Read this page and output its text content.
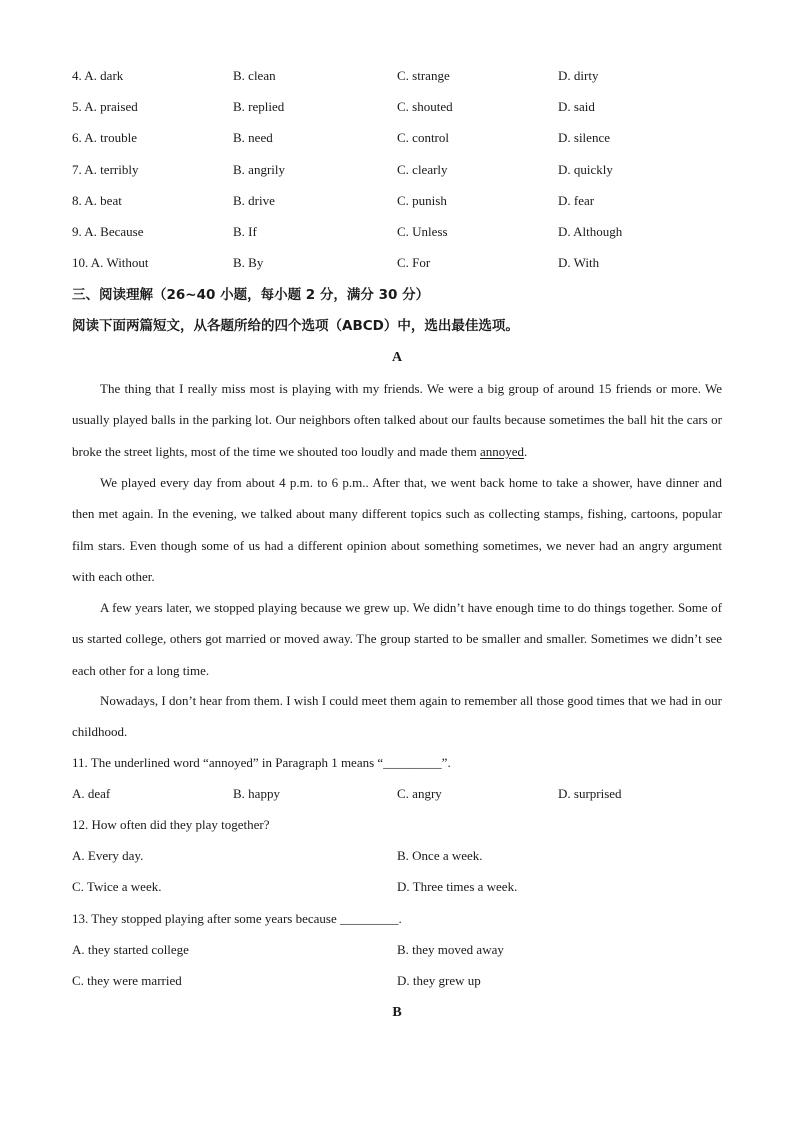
4. A. dark	B. clean	C. strange	D. dirty
5. A. praised	B. replied	C. shouted	D. said
6. A. trouble	B. need	C. control	D. silence
7. A. terribly	B. angrily	C. clearly	D. quickly
8. A. beat	B. drive	C. punish	D. fear
9. A. Because	B. If	C. Unless	D. Although
10. A. Without	B. By	C. For	D. With
三、阅读理解（26~40 小题，每小题 2 分，满分 30 分）
阅读下面两篇短文，从各题所给的四个选项（ABCD）中，选出最佳选项。
A

The thing that I really miss most is playing with my friends. We were a big group of around 15 friends or more. We usually played balls in the parking lot. Our neighbors often talked about our faults because sometimes the ball hit the cars or broke the street lights, most of the time we shouted too loudly and made them annoyed.

We played every day from about 4 p.m. to 6 p.m.. After that, we went back home to take a shower, have dinner and then met again. In the evening, we talked about many different topics such as collecting stamps, fishing, cartoons, popular film stars. Even though some of us had a different opinion about something sometimes, we never had an angry argument with each other.

A few years later, we stopped playing because we grew up. We didn’t have enough time to do things together. Some of us started college, others got married or moved away. The group started to be smaller and smaller. Sometimes we didn’t see each other for a long time.

Nowadays, I don’t hear from them. I wish I could meet them again to remember all those good times that we had in our childhood.

11. The underlined word “annoyed” in Paragraph 1 means “_________”.
A. deaf	B. happy	C. angry	D. surprised
12. How often did they play together?
A. Every day.	B. Once a week.
C. Twice a week.	D. Three times a week.
13. They stopped playing after some years because _________.
A. they started college	B. they moved away
C. they were married	D. they grew up
B
